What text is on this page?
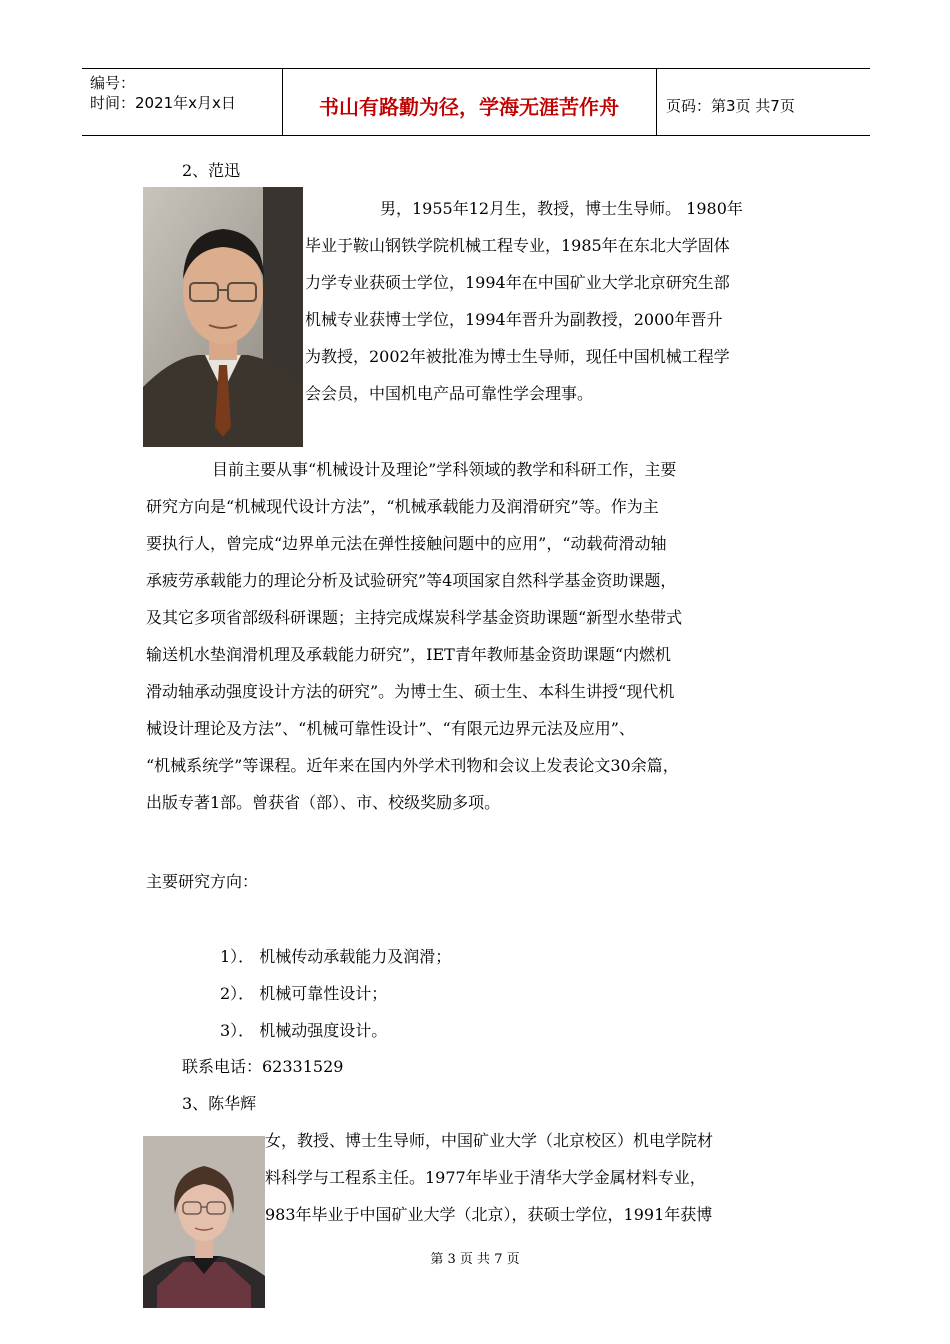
编号：
时间：2021年x月x日	书山有路勤为径，学海无涯苦作舟	页码：第3页 共7页
2、范迅
男，1955年12月生，教授，博士生导师。 1980年
毕业于鞍山钢铁学院机械工程专业，1985年在东北大学固体
力学专业获硕士学位，1994年在中国矿业大学北京研究生部
机械专业获博士学位，1994年晋升为副教授，2000年晋升
为教授，2002年被批准为博士生导师，现任中国机械工程学
会会员，中国机电产品可靠性学会理事。
目前主要从事“机械设计及理论”学科领域的教学和科研工作，主要
研究方向是“机械现代设计方法”，“机械承载能力及润滑研究”等。作为主
要执行人，曾完成“边界单元法在弹性接触问题中的应用”，“动载荷滑动轴
承疲劳承载能力的理论分析及试验研究”等4项国家自然科学基金资助课题，
及其它多项省部级科研课题；主持完成煤炭科学基金资助课题“新型水垫带式
输送机水垫润滑机理及承载能力研究”，IET青年教师基金资助课题“内燃机
滑动轴承动强度设计方法的研究”。为博士生、硕士生、本科生讲授“现代机
械设计理论及方法”、“机械可靠性设计”、“有限元边界元法及应用”、
“机械系统学”等课程。近年来在国内外学术刊物和会议上发表论文30余篇，
出版专著1部。曾获省（部）、市、校级奖励多项。
主要研究方向：
1）． 机械传动承载能力及润滑；
2）． 机械可靠性设计；
3）． 机械动强度设计。
联系电话：62331529
3、陈华辉
女，教授、博士生导师，中国矿业大学（北京校区）机电学院材
料科学与工程系主任。1977年毕业于清华大学金属材料专业，
983年毕业于中国矿业大学（北京），获硕士学位，1991年获博
第 3 页 共 7 页
